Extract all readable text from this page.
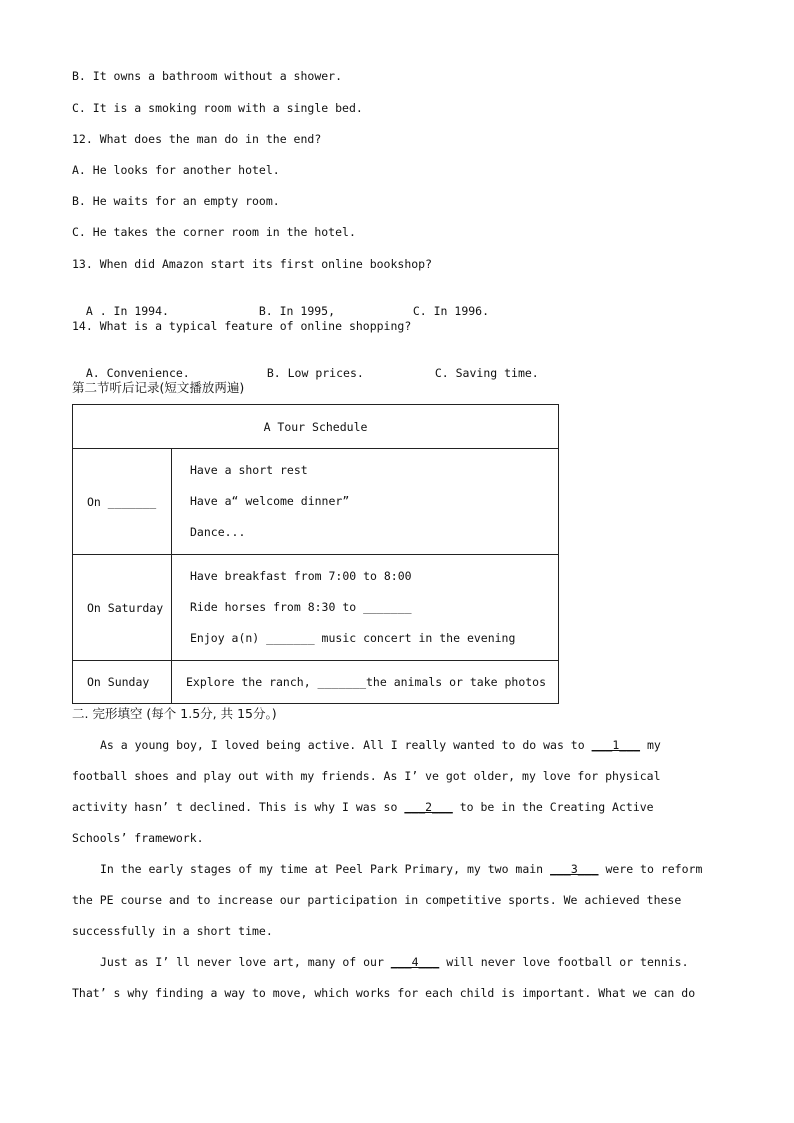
B. It owns a bathroom without a shower.
C. It is a smoking room with a single bed.
12. What does the man do in the end?
A. He looks for another hotel.
B. He waits for an empty room.
C. He takes the corner room in the hotel.
13. When did Amazon start its first online bookshop?

A . In 1994.	B. In 1995,	C. In 1996.

14. What is a typical feature of online shopping?

A. Convenience.	B. Low prices.	C. Saving time.

第二节听后记录(短文播放两遍)
A Tour Schedule	
On _______	Have a short rest
Have a“ welcome dinner”
Dance...

On Saturday	Have breakfast from 7:00 to 8:00
Ride horses from 8:30 to _______
Enjoy a(n) _______ music concert in the evening

On Sunday	Explore the ranch, _______the animals or take photos
二. 完形填空 (每个 1.5分, 共 15分。)

As a young boy, I loved being active. All I really wanted to do was to ___1___ my football shoes and play out with my friends. As I’ ve got older, my love for physical activity hasn’ t declined. This is why I was so ___2___ to be in the Creating Active Schools’ framework.

In the early stages of my time at Peel Park Primary, my two main ___3___ were to reform the PE course and to increase our participation in competitive sports. We achieved these successfully in a short time.

Just as I’ ll never love art, many of our ___4___ will never love football or tennis. That’ s why finding a way to move, which works for each child is important. What we can do
